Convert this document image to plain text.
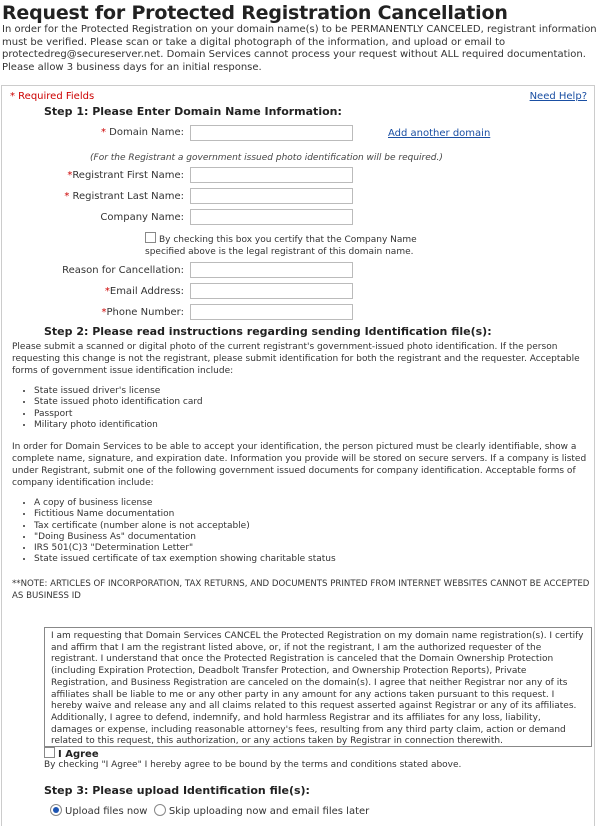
Request for Protected Registration Cancellation
In order for the Protected Registration on your domain name(s) to be PERMANENTLY CANCELED, registrant information must be verified. Please scan or take a digital photograph of the information, and upload or email to protectedreg@secureserver.net. Domain Services cannot process your request without ALL required documentation. Please allow 3 business days for an initial response.
* Required Fields	Need Help?
Step 1: Please Enter Domain Name Information:
* Domain Name:	Add another domain
(For the Registrant a government issued photo identification will be required.)
*Registrant First Name:
* Registrant Last Name:
Company Name:
By checking this box you certify that the Company Name specified above is the legal registrant of this domain name.
Reason for Cancellation:
*Email Address:
*Phone Number:
Step 2: Please read instructions regarding sending Identification file(s):
Please submit a scanned or digital photo of the current registrant's government-issued photo identification. If the person requesting this change is not the registrant, please submit identification for both the registrant and the requester. Acceptable forms of government issue identification include:
• State issued driver's license
• State issued photo identification card
• Passport
• Military photo identification
In order for Domain Services to be able to accept your identification, the person pictured must be clearly identifiable, show a complete name, signature, and expiration date. Information you provide will be stored on secure servers. If a company is listed under Registrant, submit one of the following government issued documents for company identification. Acceptable forms of company identification include:
• A copy of business license
• Fictitious Name documentation
• Tax certificate (number alone is not acceptable)
• "Doing Business As" documentation
• IRS 501(C)3 "Determination Letter"
• State issued certificate of tax exemption showing charitable status
**NOTE: ARTICLES OF INCORPORATION, TAX RETURNS, AND DOCUMENTS PRINTED FROM INTERNET WEBSITES CANNOT BE ACCEPTED AS BUSINESS ID
I am requesting that Domain Services CANCEL the Protected Registration on my domain name registration(s). I certify and affirm that I am the registrant listed above, or, if not the registrant, I am the authorized requester of the registrant. I understand that once the Protected Registration is canceled that the Domain Ownership Protection (including Expiration Protection, Deadbolt Transfer Protection, and Ownership Protection Reports), Private Registration, and Business Registration are canceled on the domain(s). I agree that neither Registrar nor any of its affiliates shall be liable to me or any other party in any amount for any actions taken pursuant to this request. I hereby waive and release any and all claims related to this request asserted against Registrar or any of its affiliates. Additionally, I agree to defend, indemnify, and hold harmless Registrar and its affiliates for any loss, liability, damages or expense, including reasonable attorney's fees, resulting from any third party claim, action or demand related to this request, this authorization, or any actions taken by Registrar in connection therewith.
I Agree
By checking "I Agree" I hereby agree to be bound by the terms and conditions stated above.
Step 3: Please upload Identification file(s):
Upload files now Skip uploading now and email files later
